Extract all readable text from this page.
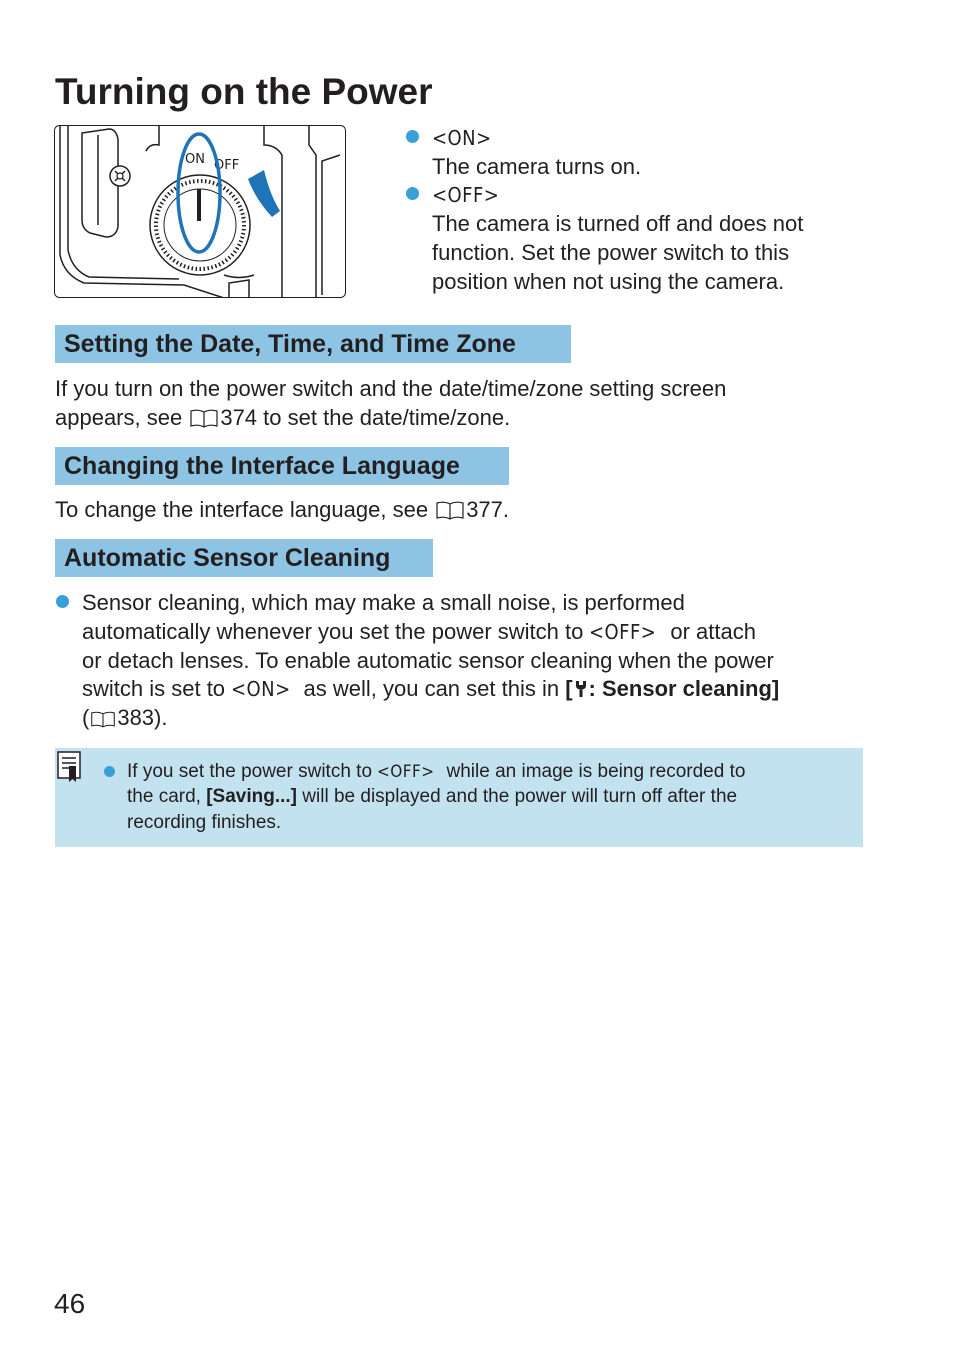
Turning on the Power
ON OFF
<ON>
The camera turns on.
<OFF>
The camera is turned off and does not
function. Set the power switch to this
position when not using the camera.
Setting the Date, Time, and Time Zone
If you turn on the power switch and the date/time/zone setting screen
appears, see 374 to set the date/time/zone.
Changing the Interface Language
To change the interface language, see 377.
Automatic Sensor Cleaning
Sensor cleaning, which may make a small noise, is performed
automatically whenever you set the power switch to <OFF> or attach
or detach lenses. To enable automatic sensor cleaning when the power
switch is set to <ON> as well, you can set this in [ : Sensor cleaning]
( 383).
If you set the power switch to <OFF> while an image is being recorded to
the card, [Saving...] will be displayed and the power will turn off after the
recording finishes.
46
